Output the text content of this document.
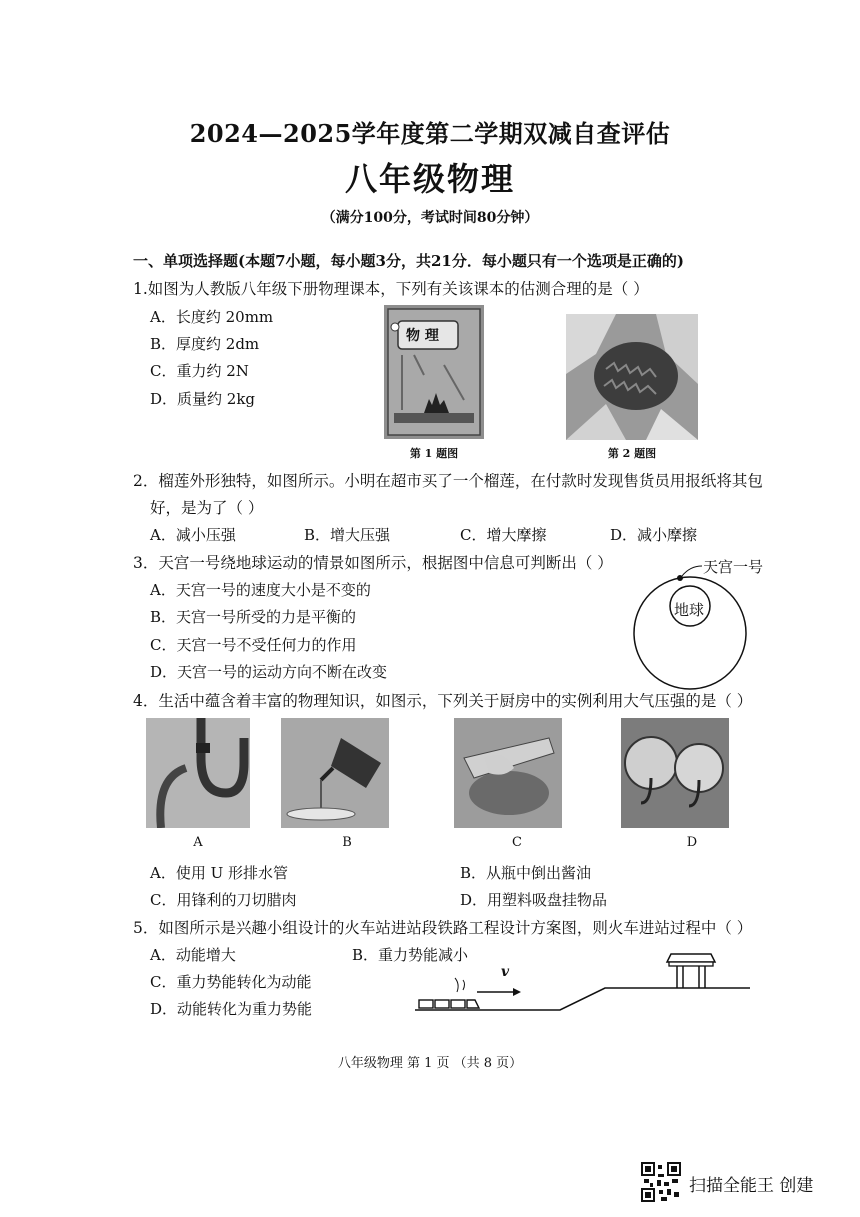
2024—2025学年度第二学期双减自查评估
八年级物理
（满分100分，考试时间80分钟）
一、单项选择题(本题7小题，每小题3分，共21分．每小题只有一个选项是正确的)
1.如图为人教版八年级下册物理课本，下列有关该课本的估测合理的是（ ）
A．长度约 20mm
B．厚度约 2dm
C．重力约 2N
D．质量约 2kg
物 理
第 1 题图	第 2 题图
2．榴莲外形独特，如图所示。小明在超市买了一个榴莲，在付款时发现售货员用报纸将其包
好，是为了（ ）
A．减小压强	B．增大压强	C．增大摩擦	D．减小摩擦
3．天宫一号绕地球运动的情景如图所示，根据图中信息可判断出（ ）
A．天宫一号的速度大小是不变的
B．天宫一号所受的力是平衡的
C．天宫一号不受任何力的作用
D．天宫一号的运动方向不断在改变
地球
天宫一号
4．生活中蕴含着丰富的物理知识，如图示，下列关于厨房中的实例利用大气压强的是（ ）
A	B	C	D
A．使用 U 形排水管	B．从瓶中倒出酱油
C．用锋利的刀切腊肉	D．用塑料吸盘挂物品
5．如图所示是兴趣小组设计的火车站进站段铁路工程设计方案图，则火车进站过程中（ ）
A．动能增大	B．重力势能减小
C．重力势能转化为动能
D．动能转化为重力势能
v
八年级物理 第 1 页 （共 8 页）
扫描全能王 创建
